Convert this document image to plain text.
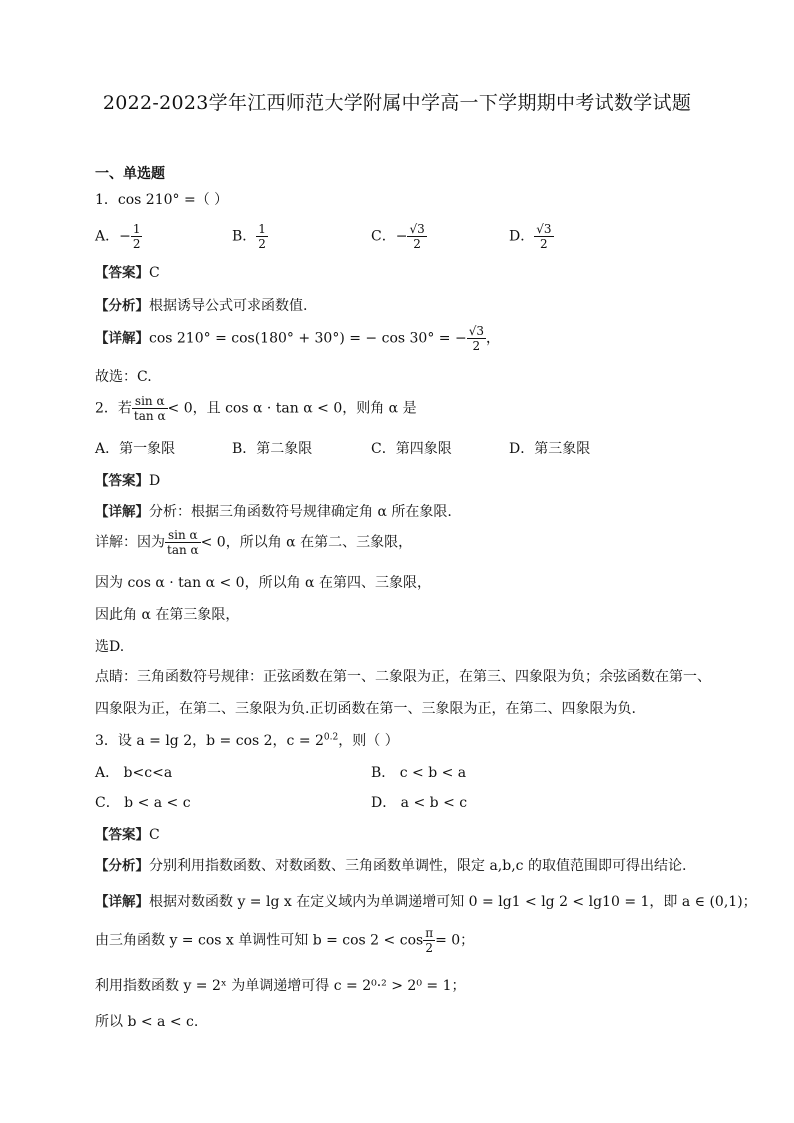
2022-2023学年江西师范大学附属中学高一下学期期中考试数学试题
一、单选题
1．cos 210° =（ ）
A．− $\frac{1}{2}$	B． $\frac{1}{2}$	C．− $\frac{√3}{2}$	D． $\frac{√3}{2}$
【答案】C
【分析】根据诱导公式可求函数值.
【详解】cos 210° = cos(180° + 30°) = − cos 30° = − $\frac{√3}{2}$ ，
故选：C.
2．若 $\frac{\text{sin α}}{\text{tan α}} < 0$，且 cos α · tan α < 0，则角 α 是
A．第一象限	B．第二象限	C．第四象限	D．第三象限
【答案】D
【详解】分析：根据三角函数符号规律确定角 α 所在象限.
详解：因为 $\frac{\text{sin α}}{\text{tan α}} < 0$，所以角 α 在第二、三象限，
因为 cos α · tan α < 0，所以角 α 在第四、三象限，
因此角 α 在第三象限，
选D.
点睛：三角函数符号规律：正弦函数在第一、二象限为正，在第三、四象限为负；余弦函数在第一、
四象限为正，在第二、三象限为负.正切函数在第一、三象限为正，在第二、四象限为负.
3．设 a = lg 2，b = cos 2，$c = 2^{0.2}$，则（ ）
A． b<c<a	B． c < b < a
C． b < a < c	D． a < b < c
【答案】C
【分析】分别利用指数函数、对数函数、三角函数单调性，限定 a,b,c 的取值范围即可得出结论.
【详解】根据对数函数 y = lg x 在定义域内为单调递增可知 0 = lg1 < lg 2 < lg10 = 1，即 a ∈ (0,1)；
由三角函数 y = cos x 单调性可知 $b = \cos 2 < \cos \frac{\pi}{2} = 0$；
利用指数函数 y = 2ˣ 为单调递增可得 c = 2⁰·² > 2⁰ = 1；
所以 b < a < c.
